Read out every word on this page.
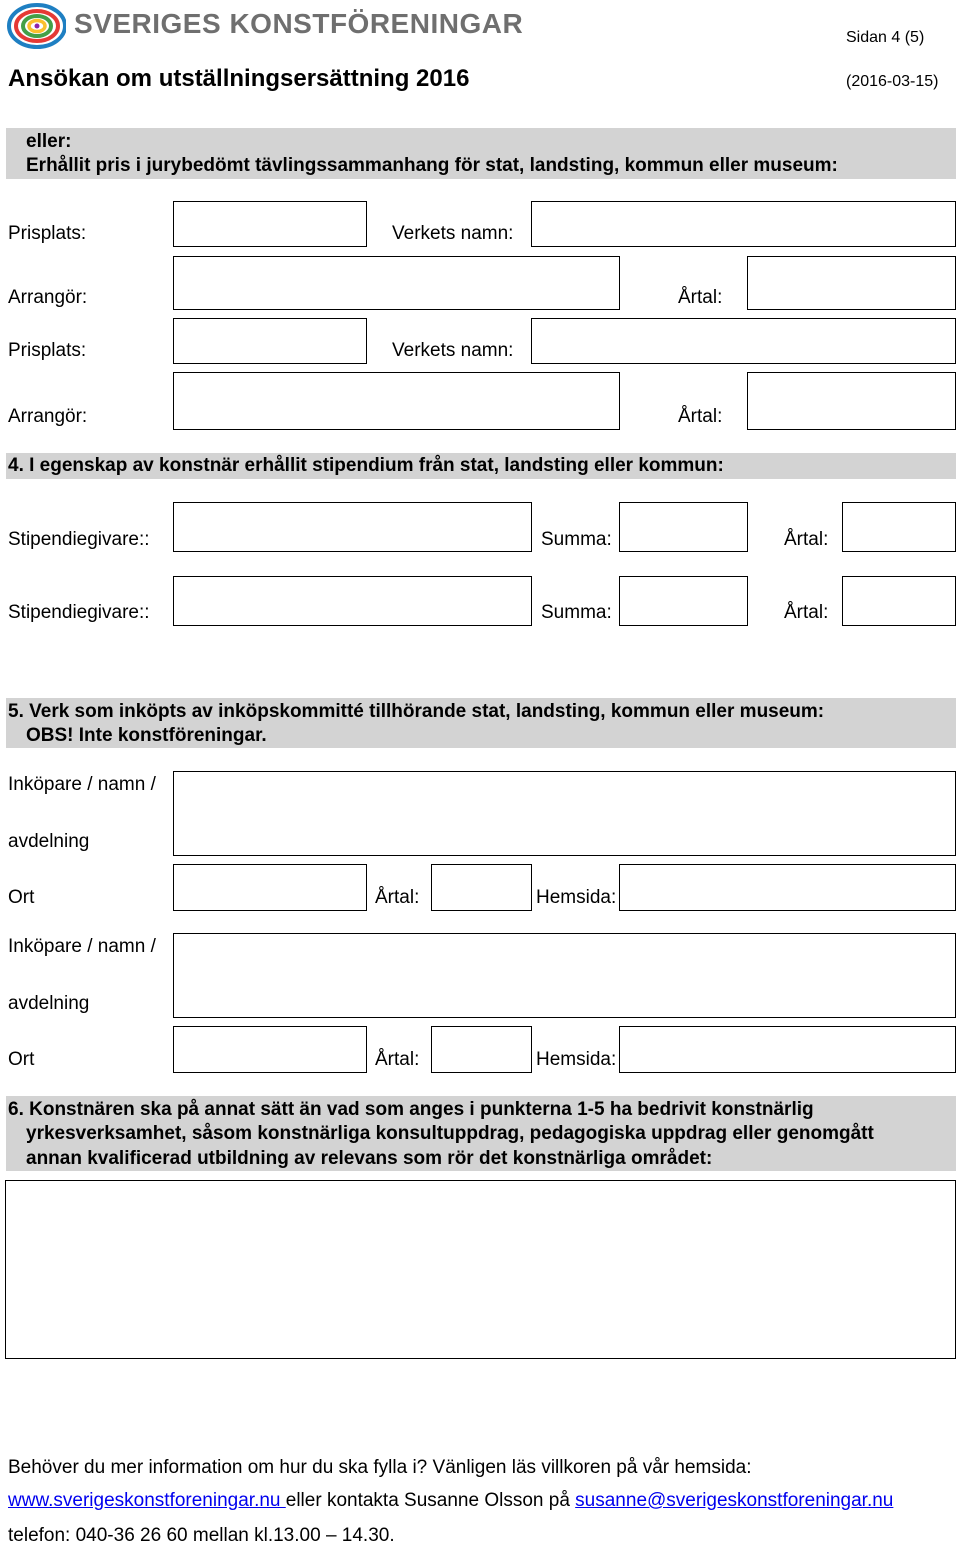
SVERIGES KONSTFÖRENINGAR	Sidan 4 (5)
Ansökan om utställningsersättning 2016	(2016-03-15)
eller:
Erhållit pris i jurybedömt tävlingssammanhang för stat, landsting, kommun eller museum:
Prisplats:	Verkets namn:
Arrangör:	Årtal:
Prisplats:	Verkets namn:
Arrangör:	Årtal:
4. I egenskap av konstnär erhållit stipendium från stat, landsting eller kommun:
Stipendiegivare::	Summa:	Årtal:
Stipendiegivare::	Summa:	Årtal:
5. Verk som inköpts av inköpskommitté tillhörande stat, landsting, kommun eller museum:
OBS! Inte konstföreningar.
Inköpare / namn /
avdelning
Ort	Årtal:	Hemsida:
Inköpare / namn /
avdelning
Ort	Årtal:	Hemsida:
6. Konstnären ska på annat sätt än vad som anges i punkterna 1-5 ha bedrivit konstnärlig
yrkesverksamhet, såsom konstnärliga konsultuppdrag, pedagogiska uppdrag eller genomgått
annan kvalificerad utbildning av relevans som rör det konstnärliga området:
Behöver du mer information om hur du ska fylla i? Vänligen läs villkoren på vår hemsida:
www.sverigeskonstforeningar.nu eller kontakta Susanne Olsson på susanne@sverigeskonstforeningar.nu
telefon: 040-36 26 60 mellan kl.13.00 – 14.30.
